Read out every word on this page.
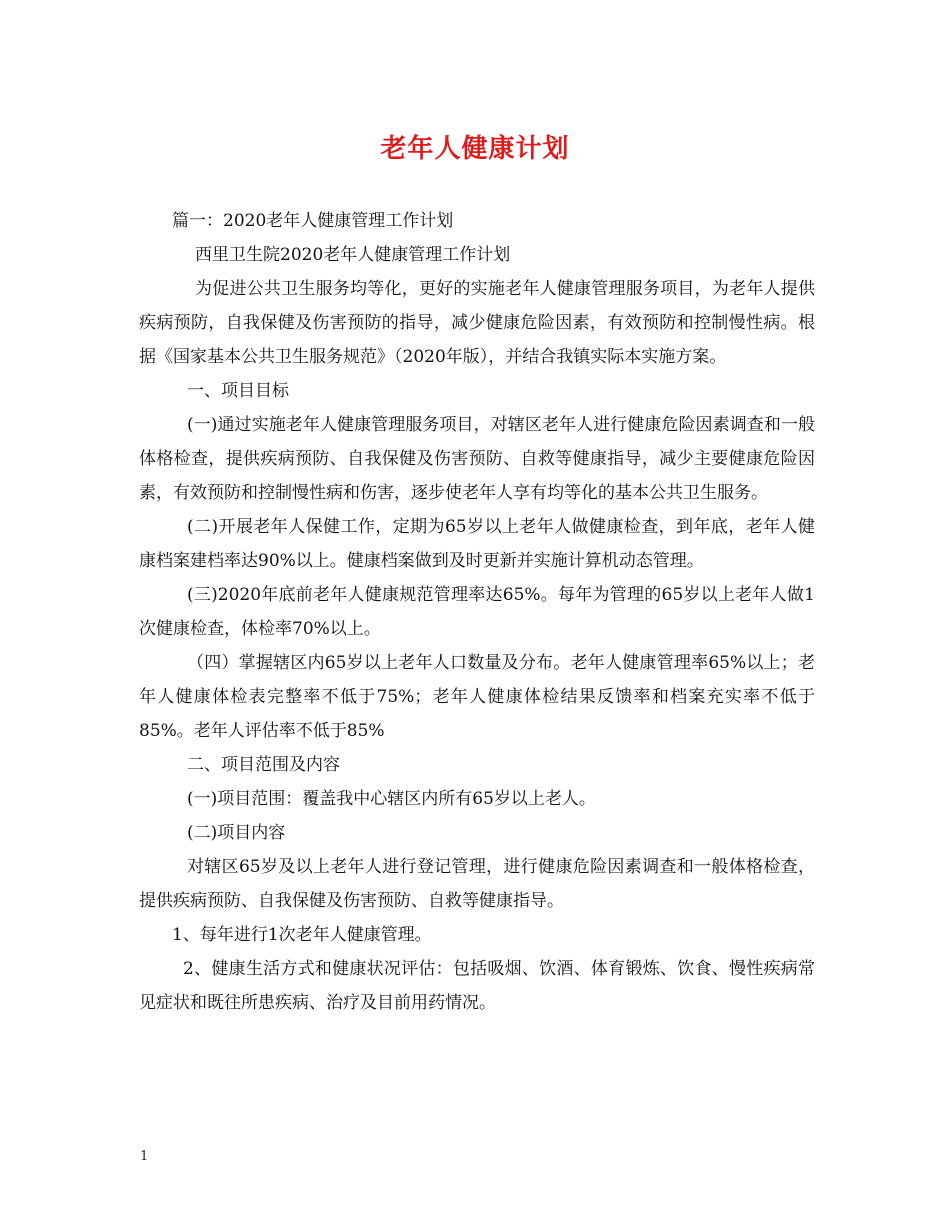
老年人健康计划

篇一：2020老年人健康管理工作计划

西里卫生院2020老年人健康管理工作计划

为促进公共卫生服务均等化，更好的实施老年人健康管理服务项目，为老年人提供疾病预防，自我保健及伤害预防的指导，减少健康危险因素，有效预防和控制慢性病。根据《国家基本公共卫生服务规范》（2020年版），并结合我镇实际本实施方案。

一、项目目标

(一)通过实施老年人健康管理服务项目，对辖区老年人进行健康危险因素调查和一般体格检查，提供疾病预防、自我保健及伤害预防、自救等健康指导，减少主要健康危险因素，有效预防和控制慢性病和伤害，逐步使老年人享有均等化的基本公共卫生服务。

(二)开展老年人保健工作，定期为65岁以上老年人做健康检查，到年底，老年人健康档案建档率达90%以上。健康档案做到及时更新并实施计算机动态管理。

(三)2020年底前老年人健康规范管理率达65%。每年为管理的65岁以上老年人做1次健康检查，体检率70%以上。

（四）掌握辖区内65岁以上老年人口数量及分布。老年人健康管理率65%以上；老年人健康体检表完整率不低于75%；老年人健康体检结果反馈率和档案充实率不低于85%。老年人评估率不低于85%

二、项目范围及内容

(一)项目范围：覆盖我中心辖区内所有65岁以上老人。

(二)项目内容

对辖区65岁及以上老年人进行登记管理，进行健康危险因素调查和一般体格检查，提供疾病预防、自我保健及伤害预防、自救等健康指导。

1、每年进行1次老年人健康管理。

2、健康生活方式和健康状况评估：包括吸烟、饮酒、体育锻炼、饮食、慢性疾病常见症状和既往所患疾病、治疗及目前用药情况。

1
